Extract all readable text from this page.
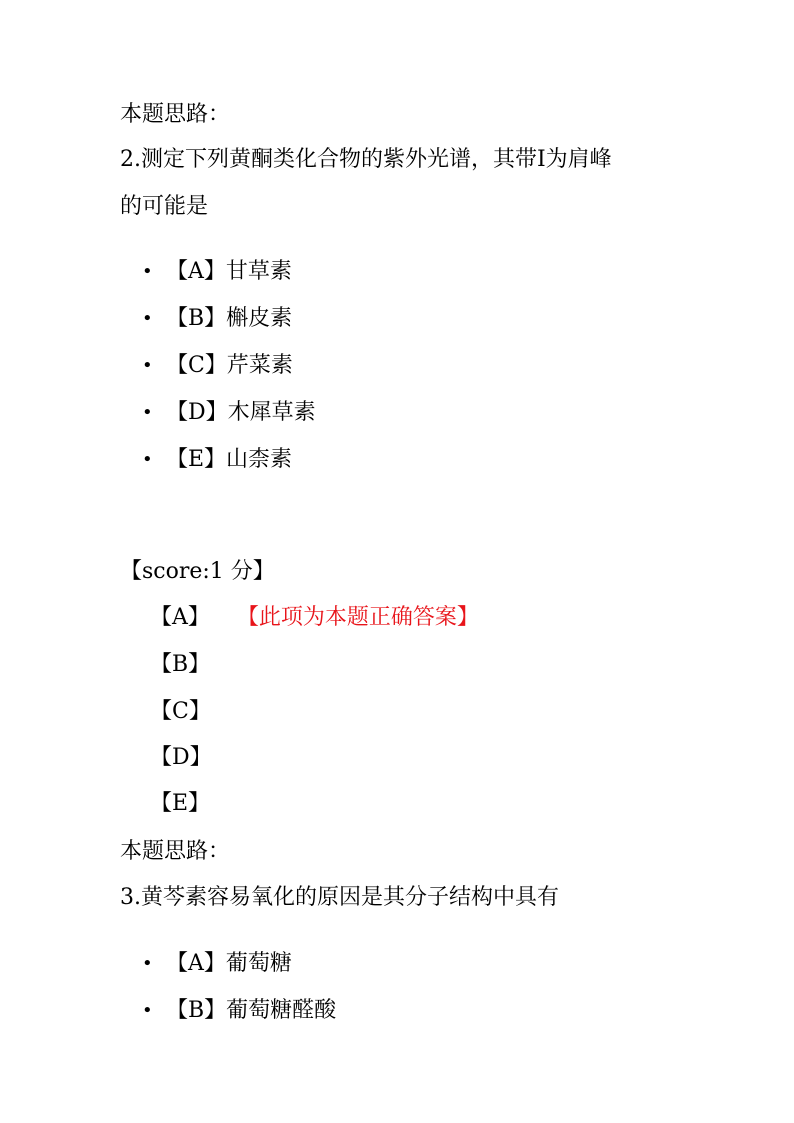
本题思路：
2.测定下列黄酮类化合物的紫外光谱，其带Ⅰ为肩峰
的可能是
• 【A】甘草素
• 【B】槲皮素
• 【C】芹菜素
• 【D】木犀草素
• 【E】山柰素
【score:1 分】
【A】 【此项为本题正确答案】
【B】
【C】
【D】
【E】
本题思路：
3.黄芩素容易氧化的原因是其分子结构中具有
• 【A】葡萄糖
• 【B】葡萄糖醛酸
